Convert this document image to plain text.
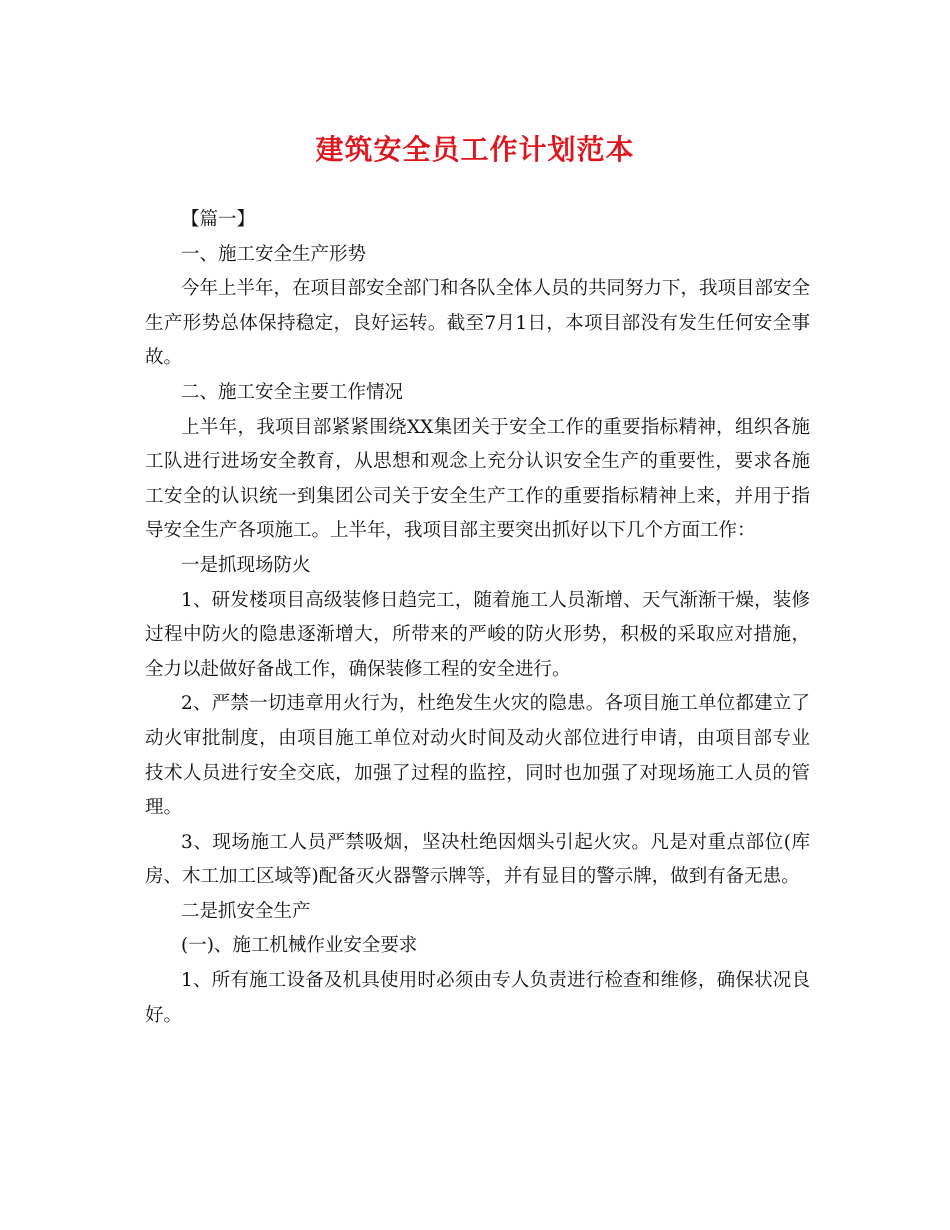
建筑安全员工作计划范本

【篇一】

一、施工安全生产形势

今年上半年，在项目部安全部门和各队全体人员的共同努力下，我项目部安全生产形势总体保持稳定，良好运转。截至7月1日，本项目部没有发生任何安全事故。

二、施工安全主要工作情况

上半年，我项目部紧紧围绕XX集团关于安全工作的重要指标精神，组织各施工队进行进场安全教育，从思想和观念上充分认识安全生产的重要性，要求各施工安全的认识统一到集团公司关于安全生产工作的重要指标精神上来，并用于指导安全生产各项施工。上半年，我项目部主要突出抓好以下几个方面工作：

一是抓现场防火

1、研发楼项目高级装修日趋完工，随着施工人员渐增、天气渐渐干燥，装修过程中防火的隐患逐渐增大，所带来的严峻的防火形势，积极的采取应对措施，全力以赴做好备战工作，确保装修工程的安全进行。

2、严禁一切违章用火行为，杜绝发生火灾的隐患。各项目施工单位都建立了动火审批制度，由项目施工单位对动火时间及动火部位进行申请，由项目部专业技术人员进行安全交底，加强了过程的监控，同时也加强了对现场施工人员的管理。

3、现场施工人员严禁吸烟，坚决杜绝因烟头引起火灾。凡是对重点部位(库房、木工加工区域等)配备灭火器警示牌等，并有显目的警示牌，做到有备无患。

二是抓安全生产

(一)、施工机械作业安全要求

1、所有施工设备及机具使用时必须由专人负责进行检查和维修，确保状况良好。
